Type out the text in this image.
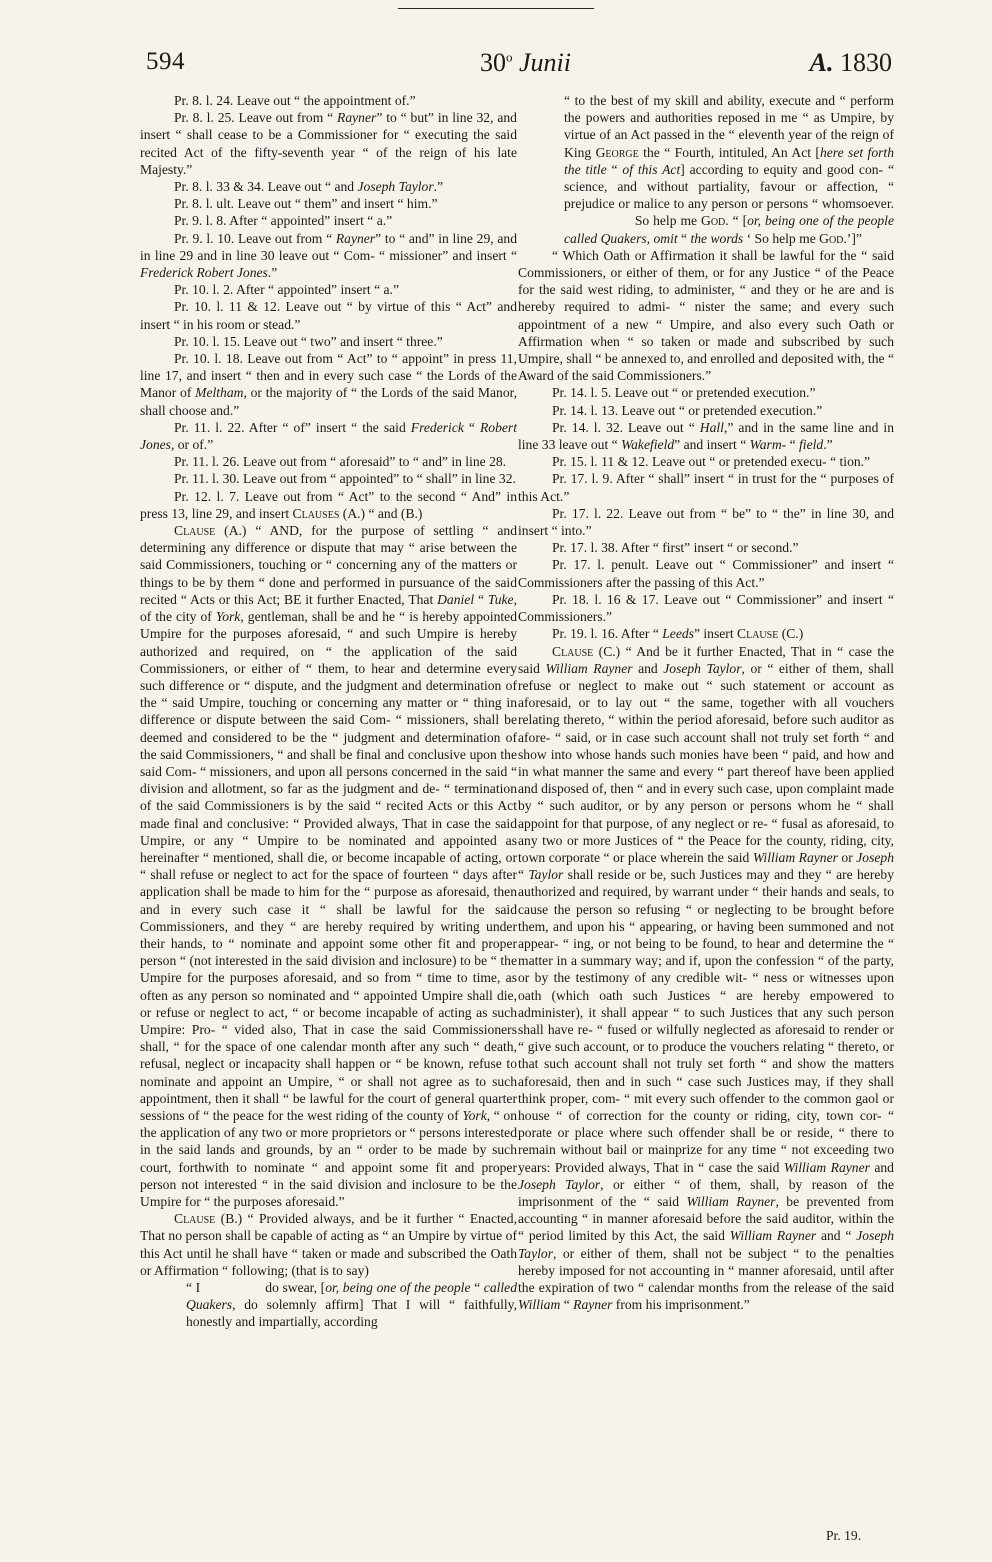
594	30$^o$ Junii	A. 1830

Pr. 8. l. 24. Leave out “ the appointment of.”

Pr. 8. l. 25. Leave out from “ Rayner” to “ but” in line 32, and insert “ shall cease to be a Commissioner for “ executing the said recited Act of the fifty-seventh year “ of the reign of his late Majesty.”

Pr. 8. l. 33 & 34. Leave out “ and Joseph Taylor.”

Pr. 8. l. ult. Leave out “ them” and insert “ him.”

Pr. 9. l. 8. After “ appointed” insert “ a.”

Pr. 9. l. 10. Leave out from “ Rayner” to “ and” in line 29, and in line 29 and in line 30 leave out “ Com- “ missioner” and insert “ Frederick Robert Jones.”

Pr. 10. l. 2. After “ appointed” insert “ a.”

Pr. 10. l. 11 & 12. Leave out “ by virtue of this “ Act” and insert “ in his room or stead.”

Pr. 10. l. 15. Leave out “ two” and insert “ three.”

Pr. 10. l. 18. Leave out from “ Act” to “ appoint” in press 11, line 17, and insert “ then and in every such case “ the Lords of the Manor of Meltham, or the majority of “ the Lords of the said Manor, shall choose and.”

Pr. 11. l. 22. After “ of” insert “ the said Frederick “ Robert Jones, or of.”

Pr. 11. l. 26. Leave out from “ aforesaid” to “ and” in line 28.

Pr. 11. l. 30. Leave out from “ appointed” to “ shall” in line 32.

Pr. 12. l. 7. Leave out from “ Act” to the second “ And” in press 13, line 29, and insert Clauses (A.) “ and (B.)

Clause (A.) “ AND, for the purpose of settling “ and determining any difference or dispute that may “ arise between the said Commissioners, touching or “ concerning any of the matters or things to be by them “ done and performed in pursuance of the said recited “ Acts or this Act; BE it further Enacted, That Daniel “ Tuke, of the city of York, gentleman, shall be and he “ is hereby appointed Umpire for the purposes aforesaid, “ and such Umpire is hereby authorized and required, on “ the application of the said Commissioners, or either of “ them, to hear and determine every such difference or “ dispute, and the judgment and determination of the “ said Umpire, touching or concerning any matter or “ thing in difference or dispute between the said Com- “ missioners, shall be deemed and considered to be the “ judgment and determination of the said Commissioners, “ and shall be final and conclusive upon the said Com- “ missioners, and upon all persons concerned in the said “ division and allotment, so far as the judgment and de- “ termination of the said Commissioners is by the said “ recited Acts or this Act made final and conclusive: “ Provided always, That in case the said Umpire, or any “ Umpire to be nominated and appointed as hereinafter “ mentioned, shall die, or become incapable of acting, or “ shall refuse or neglect to act for the space of fourteen “ days after application shall be made to him for the “ purpose as aforesaid, then and in every such case it “ shall be lawful for the said Commissioners, and they “ are hereby required by writing under their hands, to “ nominate and appoint some other fit and proper person “ (not interested in the said division and inclosure) to be “ the Umpire for the purposes aforesaid, and so from “ time to time, as often as any person so nominated and “ appointed Umpire shall die, or refuse or neglect to act, “ or become incapable of acting as such Umpire: Pro- “ vided also, That in case the said Commissioners shall, “ for the space of one calendar month after any such “ death, refusal, neglect or incapacity shall happen or “ be known, refuse to nominate and appoint an Umpire, “ or shall not agree as to such appointment, then it shall “ be lawful for the court of general quarter sessions of “ the peace for the west riding of the county of York, “ on the application of any two or more proprietors or “ persons interested in the said lands and grounds, by an “ order to be made by such court, forthwith to nominate “ and appoint some fit and proper person not interested “ in the said division and inclosure to be the Umpire for “ the purposes aforesaid.”

Clause (B.) “ Provided always, and be it further “ Enacted, That no person shall be capable of acting as “ an Umpire by virtue of this Act until he shall have “ taken or made and subscribed the Oath or Affirmation “ following; (that is to say)

“ I                  do swear, [or, being one of the people “ called Quakers, do solemnly affirm] That I will “ faithfully, honestly and impartially, according

“ to the best of my skill and ability, execute and “ perform the powers and authorities reposed in me “ as Umpire, by virtue of an Act passed in the “ eleventh year of the reign of King George the “ Fourth, intituled, An Act [here set forth the title “ of this Act] according to equity and good con- “ science, and without partiality, favour or affection, “ prejudice or malice to any person or persons “ whomsoever.                   So help me God. “ [or, being one of the people called Quakers, omit “ the words ‘ So help me God.’]”

“ Which Oath or Affirmation it shall be lawful for the “ said Commissioners, or either of them, or for any Justice “ of the Peace for the said west riding, to administer, “ and they or he are and is hereby required to admi- “ nister the same; and every such appointment of a new “ Umpire, and also every such Oath or Affirmation when “ so taken or made and subscribed by such Umpire, shall “ be annexed to, and enrolled and deposited with, the “ Award of the said Commissioners.”

Pr. 14. l. 5. Leave out “ or pretended execution.”

Pr. 14. l. 13. Leave out “ or pretended execution.”

Pr. 14. l. 32. Leave out “ Hall,” and in the same line and in line 33 leave out “ Wakefield” and insert “ Warm- “ field.”

Pr. 15. l. 11 & 12. Leave out “ or pretended execu- “ tion.”

Pr. 17. l. 9. After “ shall” insert “ in trust for the “ purposes of this Act.”

Pr. 17. l. 22. Leave out from “ be” to “ the” in line 30, and insert “ into.”

Pr. 17. l. 38. After “ first” insert “ or second.”

Pr. 17. l. penult. Leave out “ Commissioner” and insert “ Commissioners after the passing of this Act.”

Pr. 18. l. 16 & 17. Leave out “ Commissioner” and insert “ Commissioners.”

Pr. 19. l. 16. After “ Leeds” insert Clause (C.)

Clause (C.) “ And be it further Enacted, That in “ case the said William Rayner and Joseph Taylor, or “ either of them, shall refuse or neglect to make out “ such statement or account as aforesaid, or to lay out “ the same, together with all vouchers relating thereto, “ within the period aforesaid, before such auditor as afore- “ said, or in case such account shall not truly set forth “ and show into whose hands such monies have been “ paid, and how and in what manner the same and every “ part thereof have been applied and disposed of, then “ and in every such case, upon complaint made by “ such auditor, or by any person or persons whom he “ shall appoint for that purpose, of any neglect or re- “ fusal as aforesaid, to any two or more Justices of “ the Peace for the county, riding, city, town corporate “ or place wherein the said William Rayner or Joseph “ Taylor shall reside or be, such Justices may and they “ are hereby authorized and required, by warrant under “ their hands and seals, to cause the person so refusing “ or neglecting to be brought before them, and upon his “ appearing, or having been summoned and not appear- “ ing, or not being to be found, to hear and determine the “ matter in a summary way; and if, upon the confession “ of the party, or by the testimony of any credible wit- “ ness or witnesses upon oath (which oath such Justices “ are hereby empowered to administer), it shall appear “ to such Justices that any such person shall have re- “ fused or wilfully neglected as aforesaid to render or “ give such account, or to produce the vouchers relating “ thereto, or that such account shall not truly set forth “ and show the matters aforesaid, then and in such “ case such Justices may, if they shall think proper, com- “ mit every such offender to the common gaol or house “ of correction for the county or riding, city, town cor- “ porate or place where such offender shall be or reside, “ there to remain without bail or mainprize for any time “ not exceeding two years: Provided always, That in “ case the said William Rayner and Joseph Taylor, or either “ of them, shall, by reason of the imprisonment of the “ said William Rayner, be prevented from accounting “ in manner aforesaid before the said auditor, within the “ period limited by this Act, the said William Rayner and “ Joseph Taylor, or either of them, shall not be subject “ to the penalties hereby imposed for not accounting in “ manner aforesaid, until after the expiration of two “ calendar months from the release of the said William “ Rayner from his imprisonment.”

Pr. 19.
